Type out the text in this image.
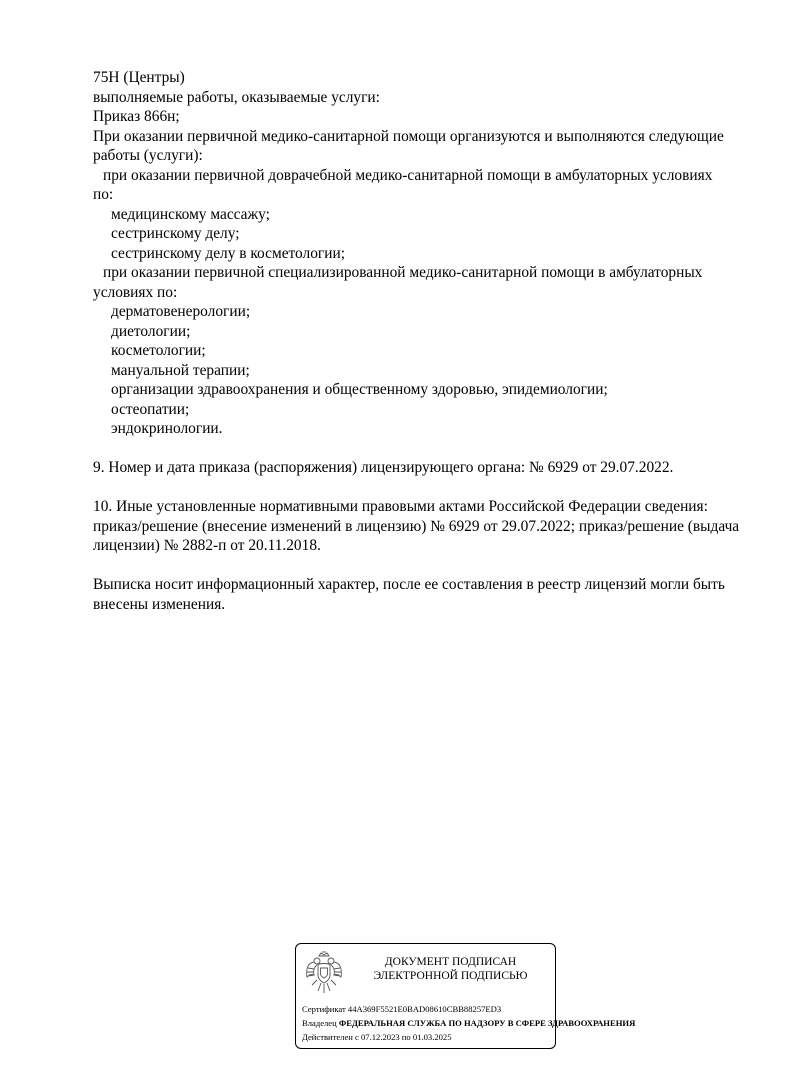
75Н (Центры)
выполняемые работы, оказываемые услуги:
Приказ 866н;
При оказании первичной медико-санитарной помощи организуются и выполняются следующие
работы (услуги):
при оказании первичной доврачебной медико-санитарной помощи в амбулаторных условиях
по:
медицинскому массажу;
сестринскому делу;
сестринскому делу в косметологии;
при оказании первичной специализированной медико-санитарной помощи в амбулаторных
условиях по:
дерматовенерологии;
диетологии;
косметологии;
мануальной терапии;
организации здравоохранения и общественному здоровью, эпидемиологии;
остеопатии;
эндокринологии.
9. Номер и дата приказа (распоряжения) лицензирующего органа: № 6929 от 29.07.2022.
10. Иные установленные нормативными правовыми актами Российской Федерации сведения:
приказ/решение (внесение изменений в лицензию) № 6929 от 29.07.2022; приказ/решение (выдача
лицензии) № 2882-п от 20.11.2018.
Выписка носит информационный характер, после ее составления в реестр лицензий могли быть
внесены изменения.
ДОКУМЕНТ ПОДПИСАН
ЭЛЕКТРОННОЙ ПОДПИСЬЮ
Сертификат 44A369F5521E0BAD08610CBB88257ED3
Владелец ФЕДЕРАЛЬНАЯ СЛУЖБА ПО НАДЗОРУ В СФЕРЕ ЗДРАВООХРАНЕНИЯ
Действителен с 07.12.2023 по 01.03.2025
